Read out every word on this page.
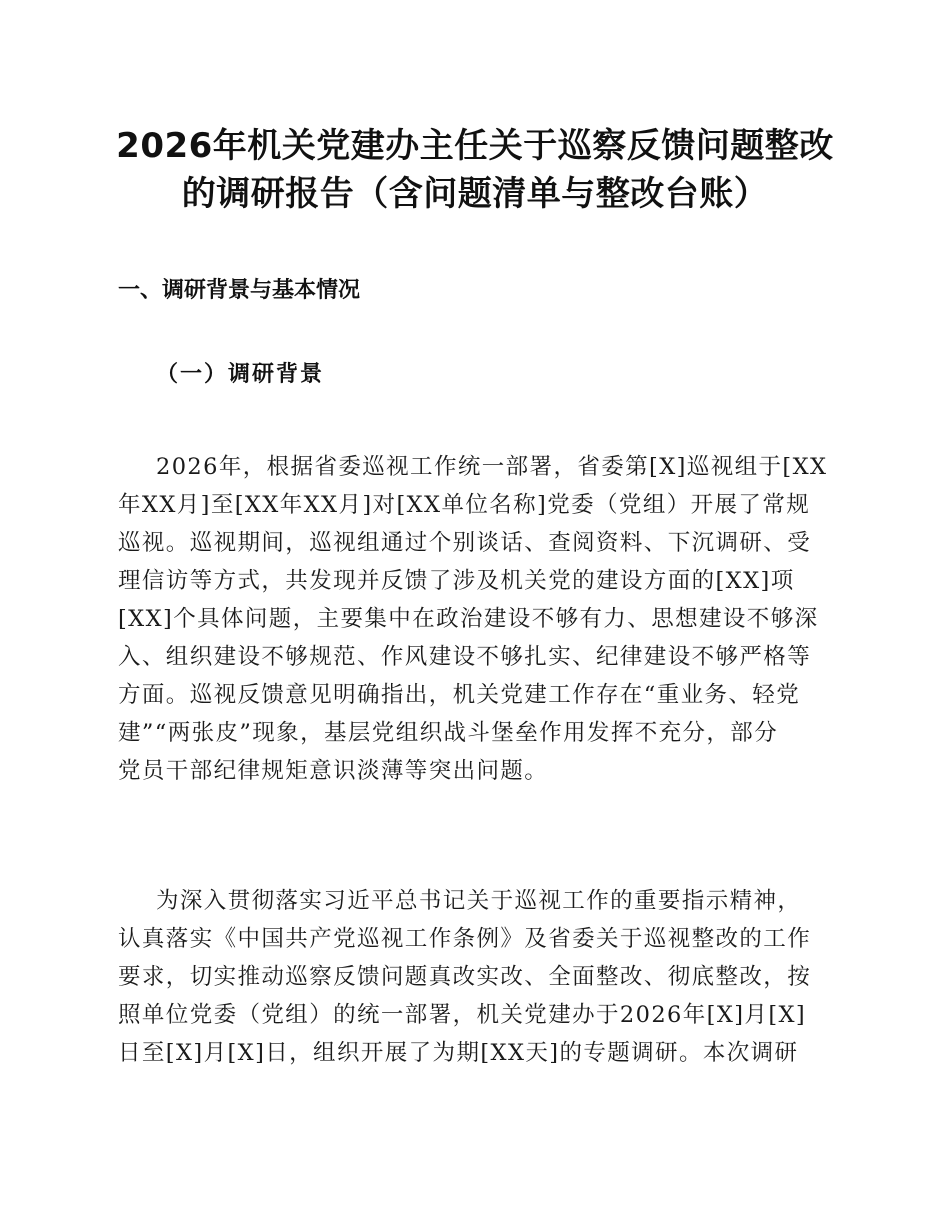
2026年机关党建办主任关于巡察反馈问题整改
的调研报告（含问题清单与整改台账）
一、调研背景与基本情况
（一）调研背景
2026年，根据省委巡视工作统一部署，省委第[X]巡视组于[XX
年XX月]至[XX年XX月]对[XX单位名称]党委（党组）开展了常规
巡视。巡视期间，巡视组通过个别谈话、查阅资料、下沉调研、受
理信访等方式，共发现并反馈了涉及机关党的建设方面的[XX]项
[XX]个具体问题，主要集中在政治建设不够有力、思想建设不够深
入、组织建设不够规范、作风建设不够扎实、纪律建设不够严格等
方面。巡视反馈意见明确指出，机关党建工作存在“重业务、轻党
建”“两张皮”现象，基层党组织战斗堡垒作用发挥不充分，部分
党员干部纪律规矩意识淡薄等突出问题。
为深入贯彻落实习近平总书记关于巡视工作的重要指示精神，
认真落实《中国共产党巡视工作条例》及省委关于巡视整改的工作
要求，切实推动巡察反馈问题真改实改、全面整改、彻底整改，按
照单位党委（党组）的统一部署，机关党建办于2026年[X]月[X]
日至[X]月[X]日，组织开展了为期[XX天]的专题调研。本次调研
